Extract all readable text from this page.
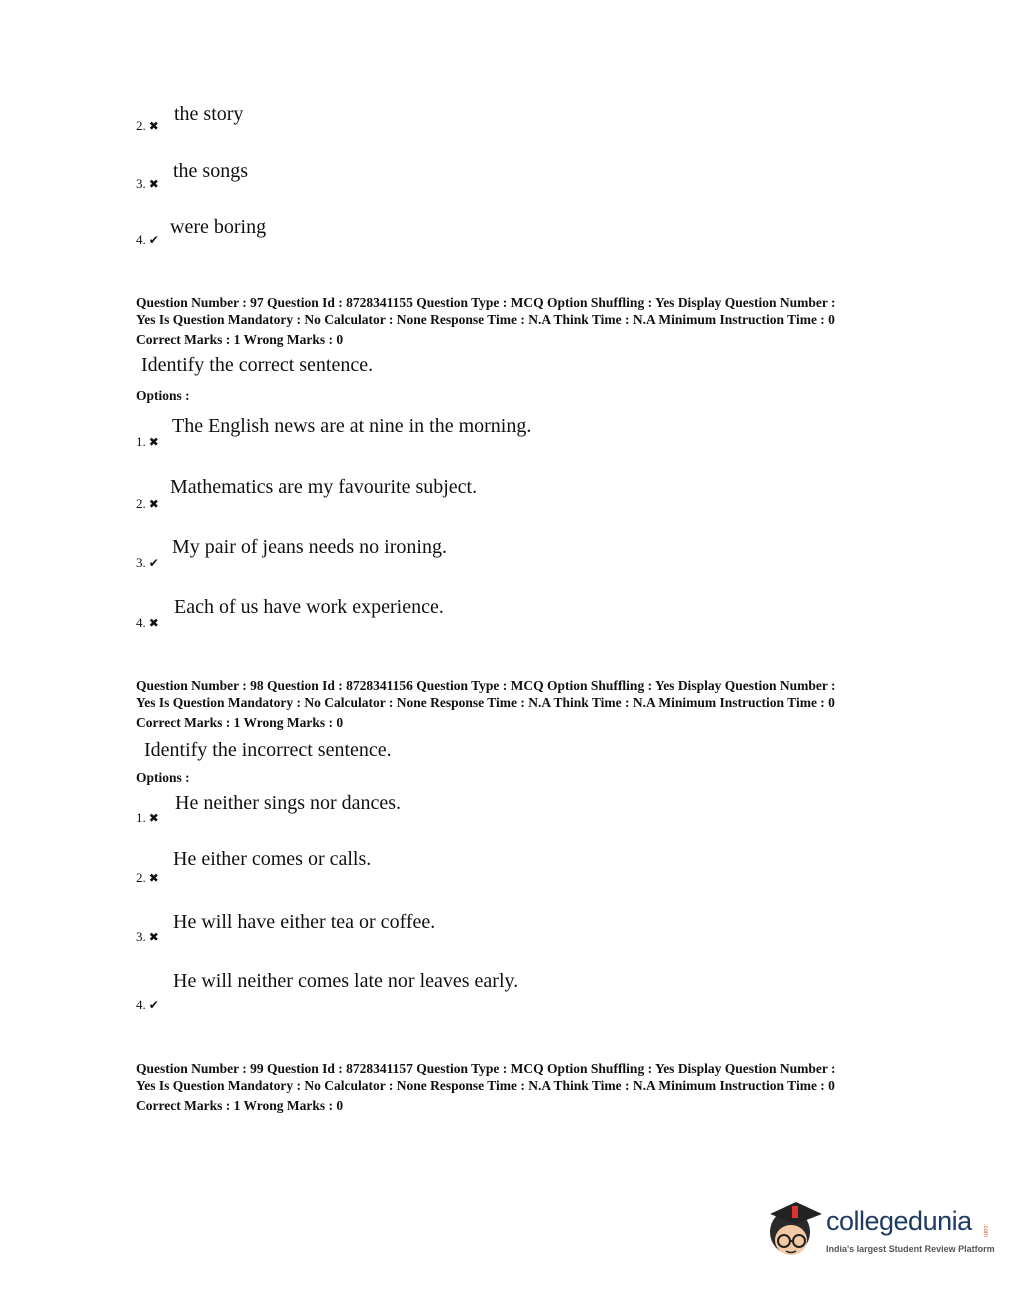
2. ✖
the story
3. ✖
the songs
4. ✔
were boring

Question Number : 97 Question Id : 8728341155 Question Type : MCQ Option Shuffling : Yes Display Question Number :

Yes Is Question Mandatory : No Calculator : None Response Time : N.A Think Time : N.A Minimum Instruction Time : 0

Correct Marks : 1 Wrong Marks : 0

Identify the correct sentence.
Options :
1. ✖
The English news are at nine in the morning.
2. ✖
Mathematics are my favourite subject.
3. ✔
My pair of jeans needs no ironing.
4. ✖
Each of us have work experience.

Question Number : 98 Question Id : 8728341156 Question Type : MCQ Option Shuffling : Yes Display Question Number :

Yes Is Question Mandatory : No Calculator : None Response Time : N.A Think Time : N.A Minimum Instruction Time : 0

Correct Marks : 1 Wrong Marks : 0

Identify the incorrect sentence.
Options :
1. ✖
He neither sings nor dances.
2. ✖
He either comes or calls.
3. ✖
He will have either tea or coffee.
4. ✔
He will neither comes late nor leaves early.

Question Number : 99 Question Id : 8728341157 Question Type : MCQ Option Shuffling : Yes Display Question Number :

Yes Is Question Mandatory : No Calculator : None Response Time : N.A Think Time : N.A Minimum Instruction Time : 0

Correct Marks : 1 Wrong Marks : 0

collegedunia .com
India's largest Student Review Platform
